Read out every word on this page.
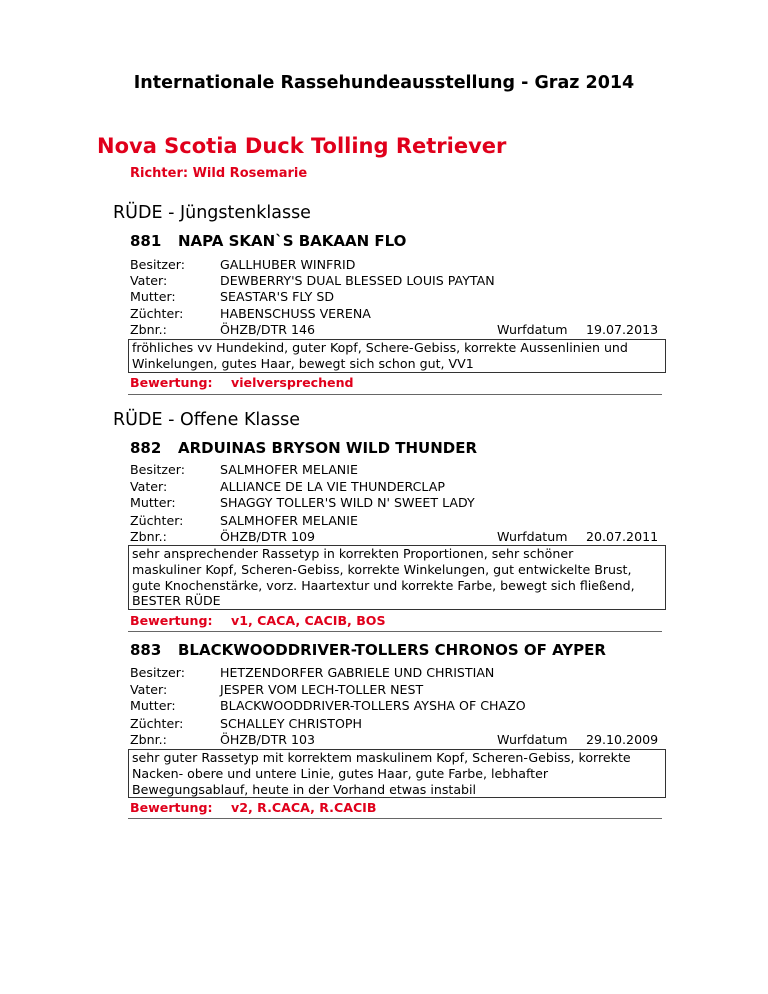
Internationale Rassehundeausstellung - Graz 2014
Nova Scotia Duck Tolling Retriever
Richter: Wild Rosemarie
RÜDE - Jüngstenklasse
881 NAPA SKAN`S BAKAAN FLO
Besitzer:	GALLHUBER WINFRID
Vater:	DEWBERRY'S DUAL BLESSED LOUIS PAYTAN
Mutter:	SEASTAR'S FLY SD
Züchter:	HABENSCHUSS VERENA
Zbnr.:	ÖHZB/DTR 146	Wurfdatum 19.07.2013
fröhliches vv Hundekind, guter Kopf, Schere-Gebiss, korrekte Aussenlinien und
Winkelungen, gutes Haar, bewegt sich schon gut, VV1
Bewertung: vielversprechend
RÜDE - Offene Klasse
882 ARDUINAS BRYSON WILD THUNDER
Besitzer:	SALMHOFER MELANIE
Vater:	ALLIANCE DE LA VIE THUNDERCLAP
Mutter:	SHAGGY TOLLER'S WILD N' SWEET LADY
Züchter:	SALMHOFER MELANIE
Zbnr.:	ÖHZB/DTR 109	Wurfdatum 20.07.2011
sehr ansprechender Rassetyp in korrekten Proportionen, sehr schöner
maskuliner Kopf, Scheren-Gebiss, korrekte Winkelungen, gut entwickelte Brust,
gute Knochenstärke, vorz. Haartextur und korrekte Farbe, bewegt sich fließend,
BESTER RÜDE
Bewertung: v1, CACA, CACIB, BOS
883 BLACKWOODDRIVER-TOLLERS CHRONOS OF AYPER
Besitzer:	HETZENDORFER GABRIELE UND CHRISTIAN
Vater:	JESPER VOM LECH-TOLLER NEST
Mutter:	BLACKWOODDRIVER-TOLLERS AYSHA OF CHAZO
Züchter:	SCHALLEY CHRISTOPH
Zbnr.:	ÖHZB/DTR 103	Wurfdatum 29.10.2009
sehr guter Rassetyp mit korrektem maskulinem Kopf, Scheren-Gebiss, korrekte
Nacken- obere und untere Linie, gutes Haar, gute Farbe, lebhafter
Bewegungsablauf, heute in der Vorhand etwas instabil
Bewertung: v2, R.CACA, R.CACIB
